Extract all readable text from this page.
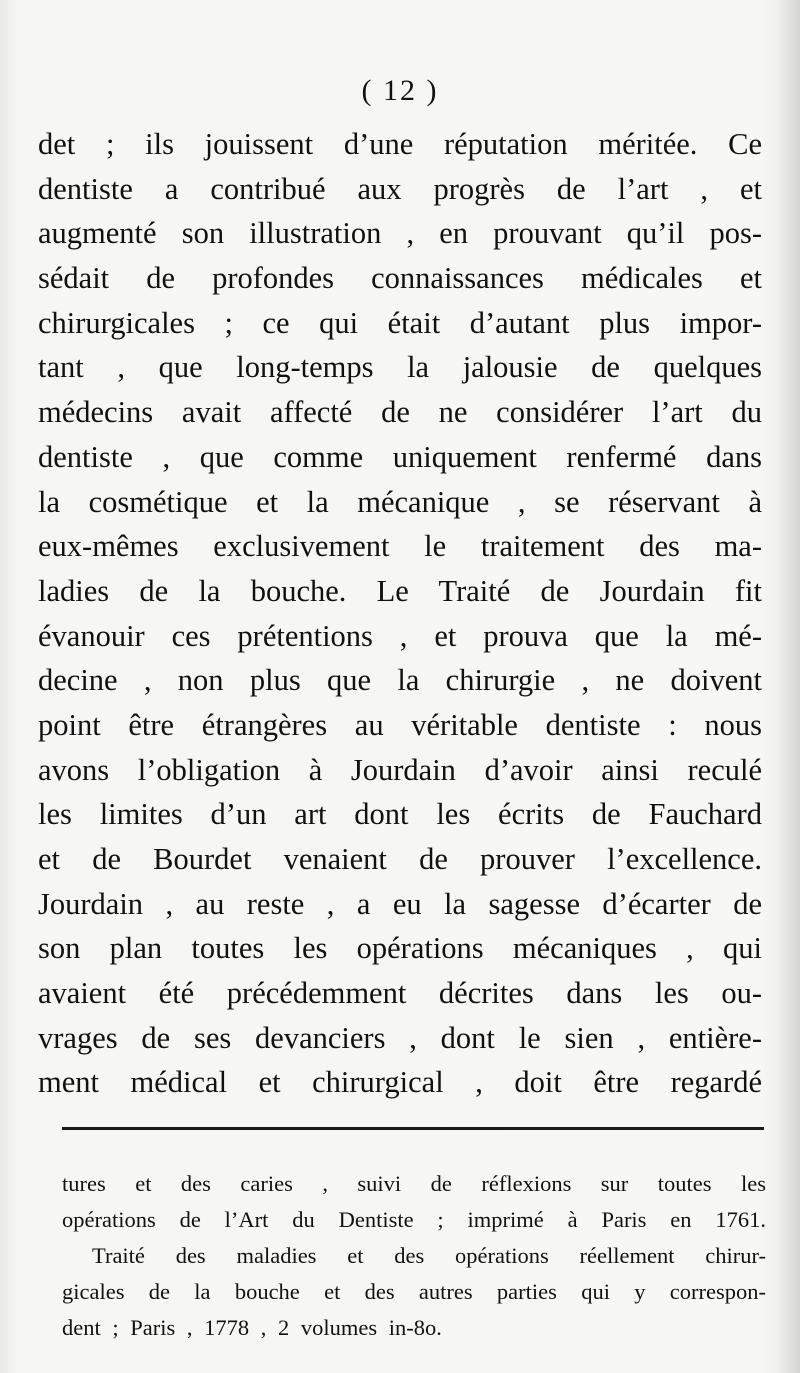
( 12 )
det ; ils jouissent d’une réputation méritée. Ce
dentiste a contribué aux progrès de l’art , et
augmenté son illustration , en prouvant qu’il pos-
sédait de profondes connaissances médicales et
chirurgicales ; ce qui était d’autant plus impor-
tant , que long-temps la jalousie de quelques
médecins avait affecté de ne considérer l’art du
dentiste , que comme uniquement renfermé dans
la cosmétique et la mécanique , se réservant à
eux-mêmes exclusivement le traitement des ma-
ladies de la bouche. Le Traité de Jourdain fit
évanouir ces prétentions , et prouva que la mé-
decine , non plus que la chirurgie , ne doivent
point être étrangères au véritable dentiste : nous
avons l’obligation à Jourdain d’avoir ainsi reculé
les limites d’un art dont les écrits de Fauchard
et de Bourdet venaient de prouver l’excellence.
Jourdain , au reste , a eu la sagesse d’écarter de
son plan toutes les opérations mécaniques , qui
avaient été précédemment décrites dans les ou-
vrages de ses devanciers , dont le sien , entière-
ment médical et chirurgical , doit être regardé
tures et des caries , suivi de réflexions sur toutes les
opérations de l’Art du Dentiste ; imprimé à Paris en 1761.
Traité des maladies et des opérations réellement chirur-
gicales de la bouche et des autres parties qui y correspon-
dent ; Paris , 1778 , 2 volumes in-8o.
